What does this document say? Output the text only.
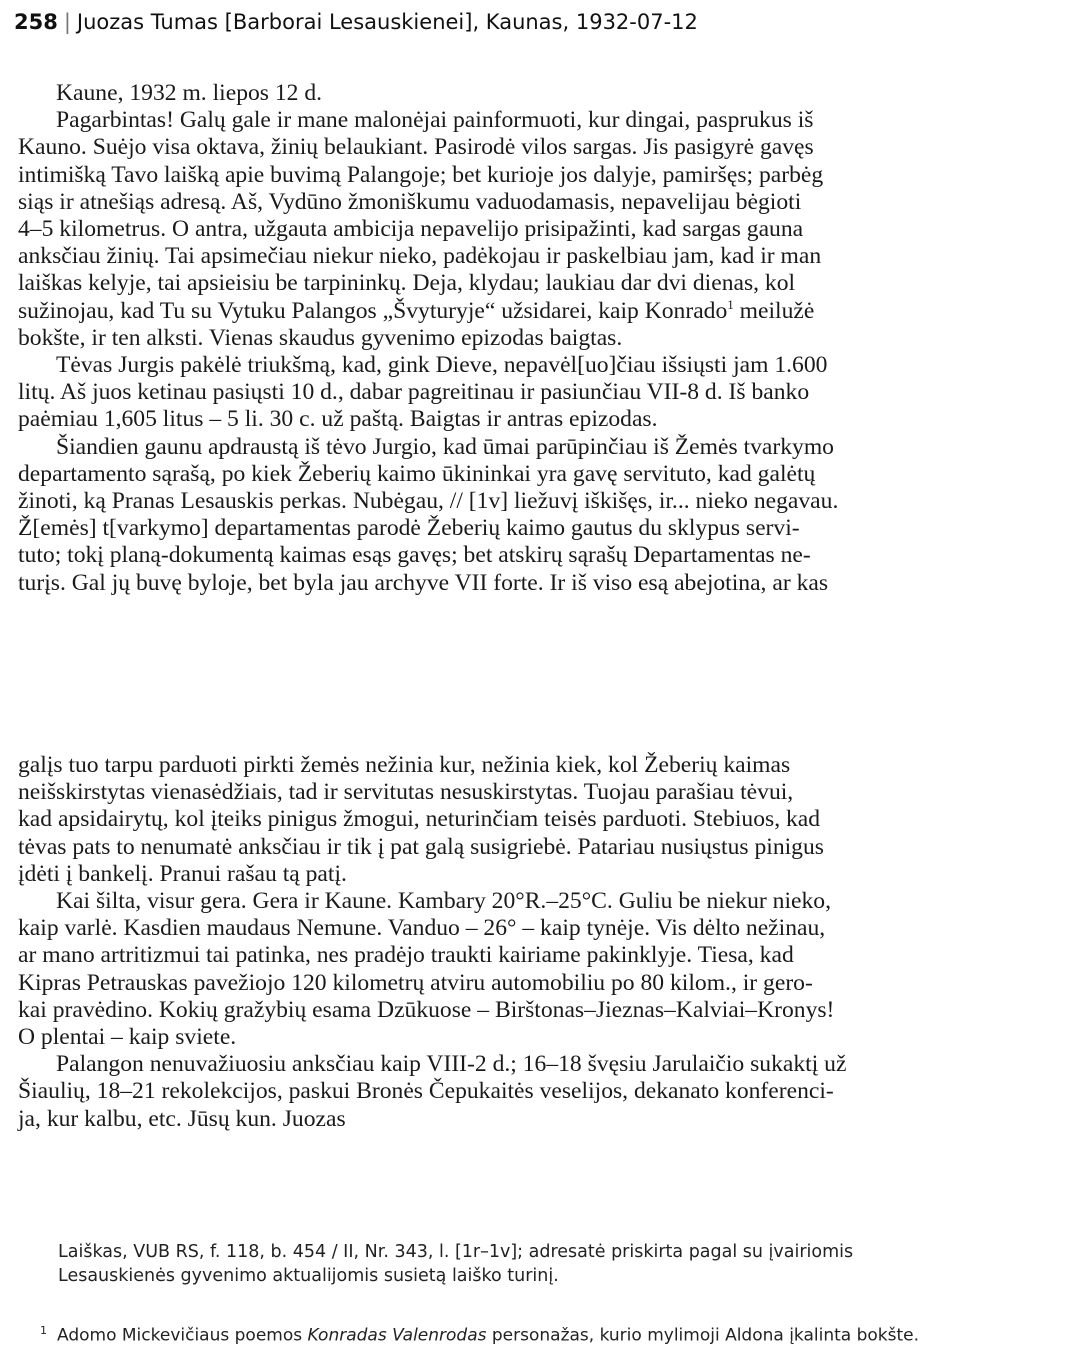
258 | Juozas Tumas [Barborai Lesauskienei], Kaunas, 1932-07-12
Kaune, 1932 m. liepos 12 d.
Pagarbintas! Galų gale ir mane malonėjai painformuoti, kur dingai, pasprukus iš
Kauno. Suėjo visa oktava, žinių belaukiant. Pasirodė vilos sargas. Jis pasigyrė gavęs
intimišką Tavo laišką apie buvimą Palangoje; bet kurioje jos dalyje, pamiršęs; parbėg
siąs ir atnešiąs adresą. Aš, Vydūno žmoniškumu vaduodamasis, nepavelijau bėgioti
4–5 kilometrus. O antra, užgauta ambicija nepavelijo prisipažinti, kad sargas gauna
anksčiau žinių. Tai apsimečiau niekur nieko, padėkojau ir paskelbiau jam, kad ir man
laiškas kelyje, tai apsieisiu be tarpininkų. Deja, klydau; laukiau dar dvi dienas, kol
sužinojau, kad Tu su Vytuku Palangos „Švyturyje“ užsidarei, kaip Konrado$^1$ meilužė
bokšte, ir ten alksti. Vienas skaudus gyvenimo epizodas baigtas.
Tėvas Jurgis pakėlė triukšmą, kad, gink Dieve, nepavėl[uo]čiau išsiųsti jam 1.600
litų. Aš juos ketinau pasiųsti 10 d., dabar pagreitinau ir pasiunčiau VII-8 d. Iš banko
paėmiau 1,605 litus – 5 li. 30 c. už paštą. Baigtas ir antras epizodas.
Šiandien gaunu apdraustą iš tėvo Jurgio, kad ūmai parūpinčiau iš Žemės tvarkymo
departamento sąrašą, po kiek Žeberių kaimo ūkininkai yra gavę servituto, kad galėtų
žinoti, ką Pranas Lesauskis perkas. Nubėgau, // [1v] liežuvį iškišęs, ir... nieko negavau.
Ž[emės] t[varkymo] departamentas parodė Žeberių kaimo gautus du sklypus servi-
tuto; tokį planą-dokumentą kaimas esąs gavęs; bet atskirų sąrašų Departamentas ne-
turįs. Gal jų buvę byloje, bet byla jau archyve VII forte. Ir iš viso esą abejotina, ar kas
galįs tuo tarpu parduoti pirkti žemės nežinia kur, nežinia kiek, kol Žeberių kaimas
neišskirstytas vienasėdžiais, tad ir servitutas nesuskirstytas. Tuojau parašiau tėvui,
kad apsidairytų, kol įteiks pinigus žmogui, neturinčiam teisės parduoti. Stebiuos, kad
tėvas pats to nenumatė anksčiau ir tik į pat galą susigriebė. Patariau nusiųstus pinigus
įdėti į bankelį. Pranui rašau tą patį.
Kai šilta, visur gera. Gera ir Kaune. Kambary 20°R.–25°C. Guliu be niekur nieko,
kaip varlė. Kasdien maudaus Nemune. Vanduo – 26° – kaip tynėje. Vis dėlto nežinau,
ar mano artritizmui tai patinka, nes pradėjo traukti kairiame pakinklyje. Tiesa, kad
Kipras Petrauskas pavežiojo 120 kilometrų atviru automobiliu po 80 kilom., ir gero-
kai pravėdino. Kokių gražybių esama Dzūkuose – Birštonas–Jieznas–Kalviai–Kronys!
O plentai – kaip sviete.
Palangon nenuvažiuosiu anksčiau kaip VIII-2 d.; 16–18 švęsiu Jarulaičio sukaktį už
Šiaulių, 18–21 rekolekcijos, paskui Bronės Čepukaitės veselijos, dekanato konferenci-
ja, kur kalbu, etc. Jūsų kun. Juozas
Laiškas, VUB RS, f. 118, b. 454 / II, Nr. 343, l. [1r–1v]; adresatė priskirta pagal su įvairiomis
Lesauskienės gyvenimo aktualijomis susietą laiško turinį.
$^1$ Adomo Mickevičiaus poemos Konradas Valenrodas personažas, kurio mylimoji Aldona įkalinta bokšte.
